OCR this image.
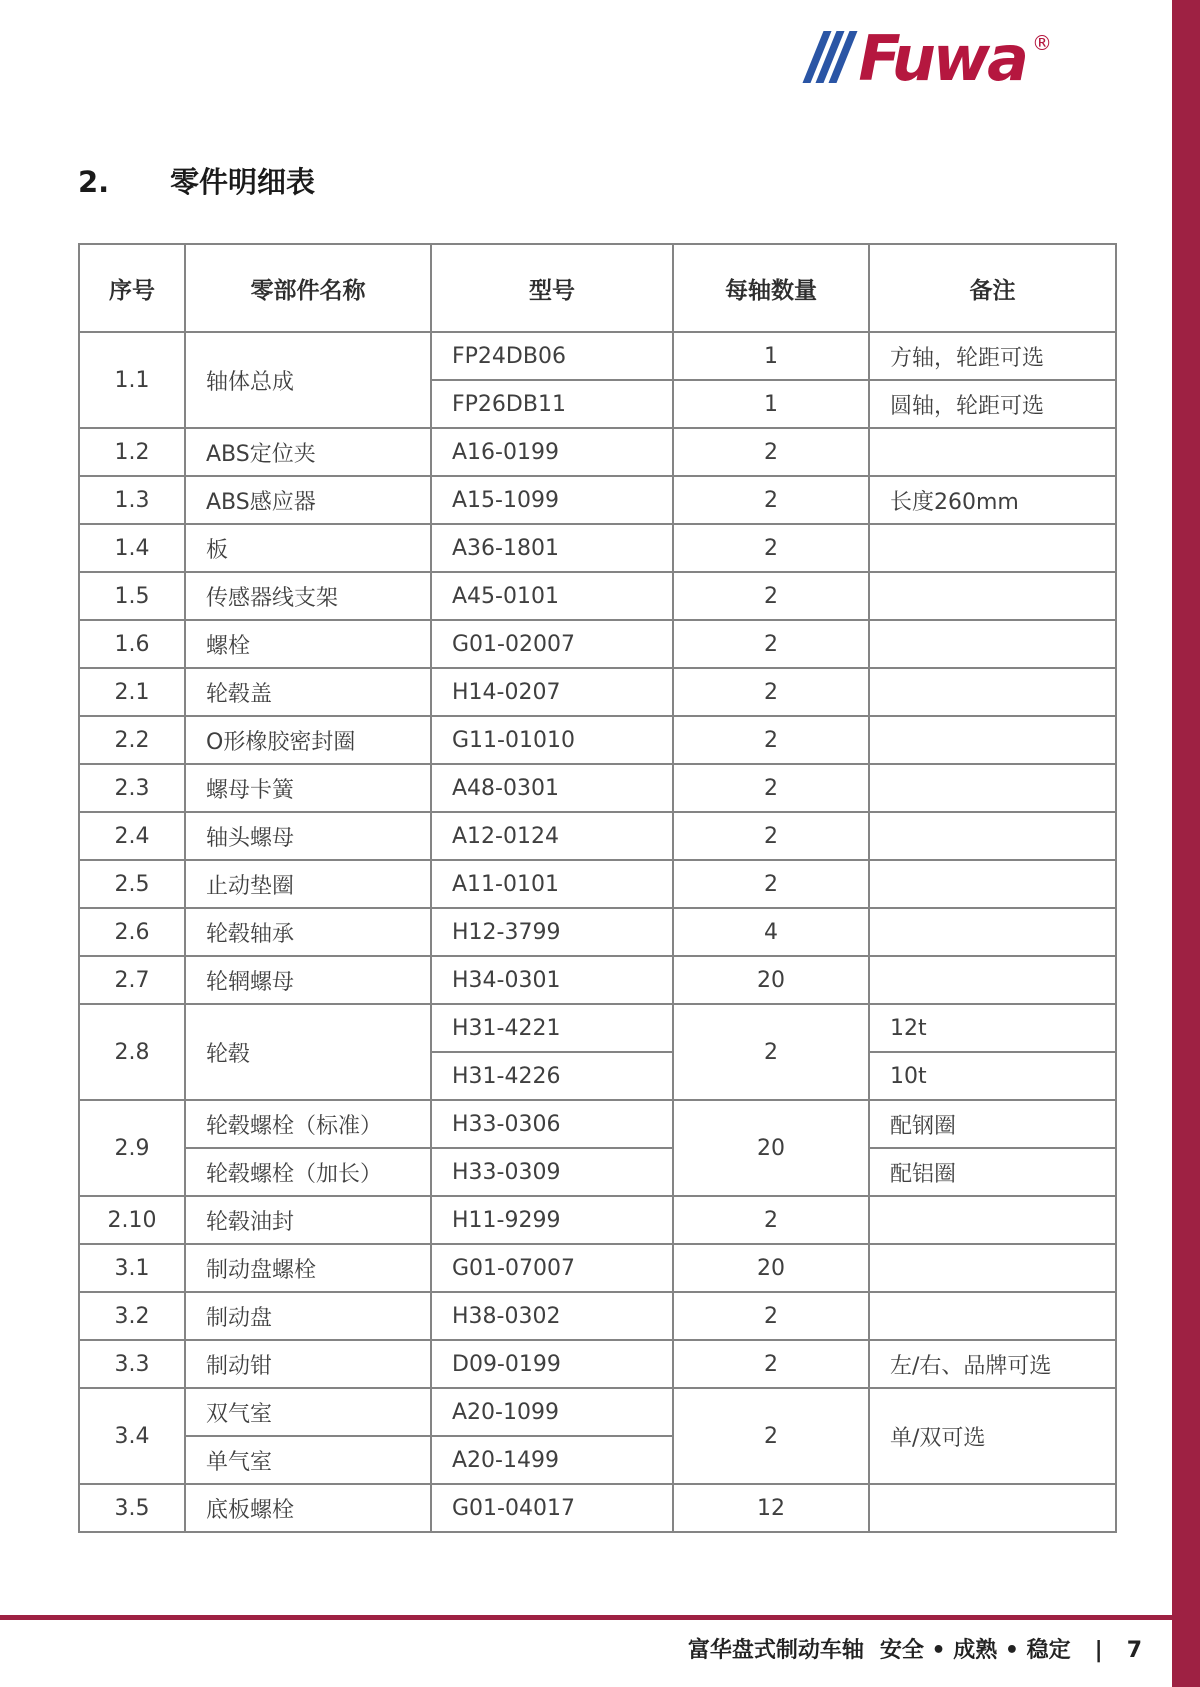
Fuwa ®
2.	零件明细表
序号	零部件名称	型号	每轴数量	备注
1.1	轴体总成	FP24DB06	1	方轴，轮距可选
		FP26DB11	1	圆轴，轮距可选
1.2	ABS定位夹	A16-0199	2	
1.3	ABS感应器	A15-1099	2	长度260mm
1.4	板	A36-1801	2	
1.5	传感器线支架	A45-0101	2	
1.6	螺栓	G01-02007	2	
2.1	轮毂盖	H14-0207	2	
2.2	O形橡胶密封圈	G11-01010	2	
2.3	螺母卡簧	A48-0301	2	
2.4	轴头螺母	A12-0124	2	
2.5	止动垫圈	A11-0101	2	
2.6	轮毂轴承	H12-3799	4	
2.7	轮辋螺母	H34-0301	20	
2.8	轮毂	H31-4221	2	12t
		H31-4226		10t
2.9	轮毂螺栓（标准）	H33-0306	20	配钢圈
	轮毂螺栓（加长）	H33-0309		配铝圈
2.10	轮毂油封	H11-9299	2	
3.1	制动盘螺栓	G01-07007	20	
3.2	制动盘	H38-0302	2	
3.3	制动钳	D09-0199	2	左/右、品牌可选
3.4	双气室	A20-1099	2	单/双可选
	单气室	A20-1499		
3.5	底板螺栓	G01-04017	12	
富华盘式制动车轴 安全 • 成熟 • 稳定 | 7
